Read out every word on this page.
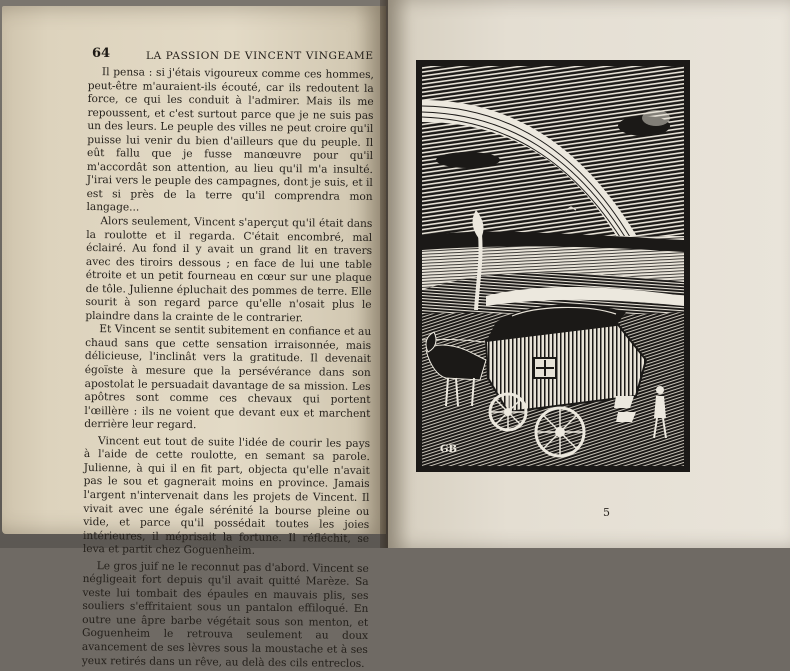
64	LA PASSION DE VINCENT VINGEAME

Il pensa : si j'étais vigoureux comme ces hommes, peut-être m'auraient-ils écouté, car ils redoutent la force, ce qui les conduit à l'admirer. Mais ils me repoussent, et c'est surtout parce que je ne suis pas un des leurs. Le peuple des villes ne peut croire qu'il puisse lui venir du bien d'ailleurs que du peuple. Il eût fallu que je fusse manœuvre pour qu'il m'accordât son attention, au lieu qu'il m'a insulté. J'irai vers le peuple des campagnes, dont je suis, et il est si près de la terre qu'il comprendra mon langage...

Alors seulement, Vincent s'aperçut qu'il était dans la roulotte et il regarda. C'était encombré, mal éclairé. Au fond il y avait un grand lit en travers avec des tiroirs dessous ; en face de lui une table étroite et un petit fourneau en cœur sur une plaque de tôle. Julienne épluchait des pommes de terre. Elle sourit à son regard parce qu'elle n'osait plus le plaindre dans la crainte de le contrarier.

Et Vincent se sentit subitement en confiance et au chaud sans que cette sensation irraisonnée, mais délicieuse, l'inclinât vers la gratitude. Il devenait égoïste à mesure que la persévérance dans son apostolat le persuadait davantage de sa mission. Les apôtres sont comme ces chevaux qui portent l'œillère : ils ne voient que devant eux et marchent derrière leur regard.

Vincent eut tout de suite l'idée de courir les pays à l'aide de cette roulotte, en semant sa parole. Julienne, à qui il en fit part, objecta qu'elle n'avait pas le sou et gagnerait moins en province. Jamais l'argent n'intervenait dans les projets de Vincent. Il vivait avec une égale sérénité la bourse pleine ou vide, et parce qu'il possédait toutes les joies intérieures, il méprisait la fortune. Il réfléchit, se leva et partit chez Goguenheim.

Le gros juif ne le reconnut pas d'abord. Vincent se négligeait fort depuis qu'il avait quitté Marèze. Sa veste lui tombait des épaules en mauvais plis, ses souliers s'effritaient sous un pantalon effiloqué. En outre une âpre barbe végétait sous son menton, et Goguenheim le retrouva seulement au doux avancement de ses lèvres sous la moustache et à ses yeux retirés dans un rêve, au delà des cils entreclos.

GB
5
